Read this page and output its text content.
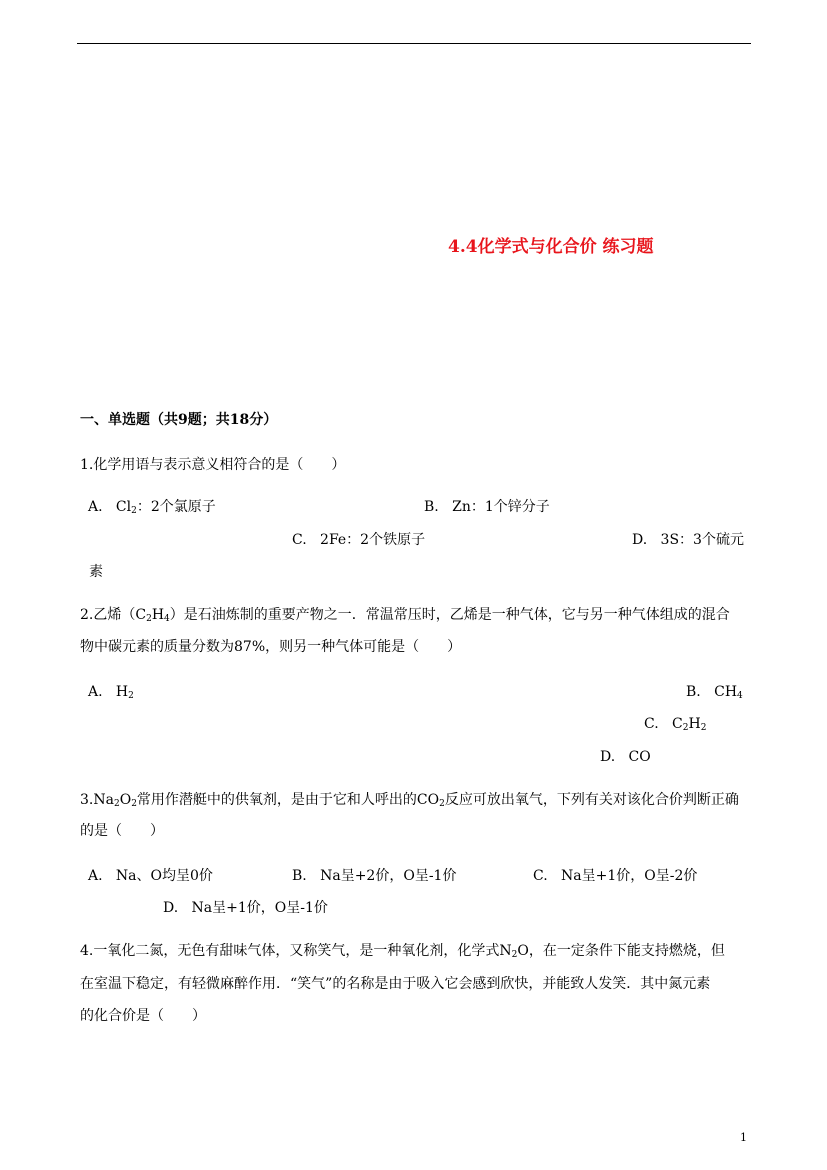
4.4化学式与化合价 练习题
一、单选题（共9题；共18分）
1.化学用语与表示意义相符合的是（　　）
A. $Cl_2$：2个氯原子	B. Zn：1个锌分子
C. 2Fe：2个铁原子	D. 3S：3个硫元
素
2.乙烯$(C_2H_4)$是石油炼制的重要产物之一．常温常压时，乙烯是一种气体，它与另一种气体组成的混合
物中碳元素的质量分数为87%，则另一种气体可能是（　　）
A. $H_2$	B. $CH_4$
C. $C_2H_2$
D. CO
$3.Na_2O_2$常用作潜艇中的供氧剂，是由于它和人呼出的$CO_2$反应可放出氧气，下列有关对该化合价判断正确
的是（　　）
A. Na、O均呈0价	B. Na呈+2价，O呈-1价	C. Na呈+1价，O呈-2价
D. Na呈+1价，O呈-1价
4.一氧化二氮，无色有甜味气体，又称笑气，是一种氧化剂，化学式$N_2O$，在一定条件下能支持燃烧，但
在室温下稳定，有轻微麻醉作用．“笑气”的名称是由于吸入它会感到欣快，并能致人发笑．其中氮元素
的化合价是（　　）
1
